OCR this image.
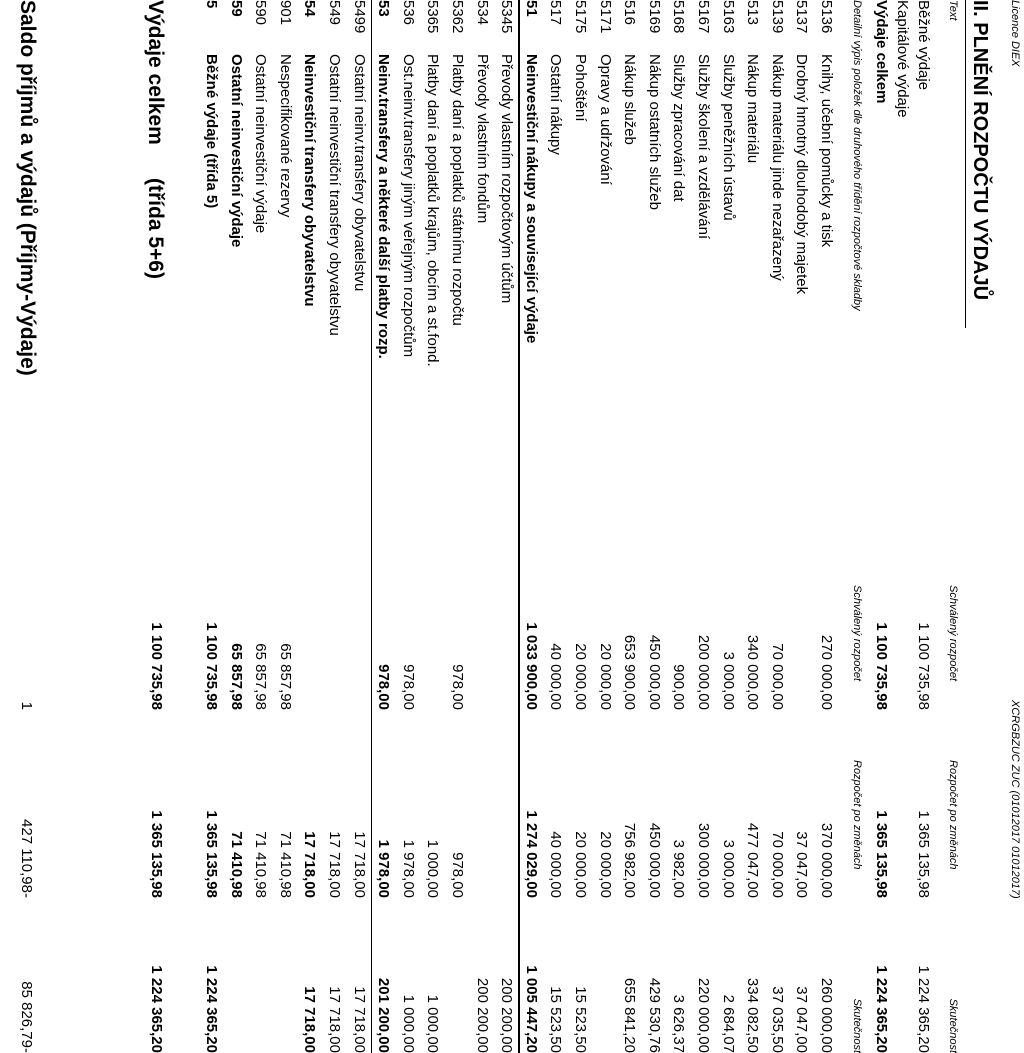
Licence DIEX
XCRGBZUC ZUC (01012017 01012017)
II. PLNĚNÍ ROZPOČTU VÝDAJŮ
Text
Schválený rozpočet
Rozpočet po změnách
Skutečnost
Běžné výdaje
1 100 735,98
1 365 135,98
1 224 365,20
Kapitálové výdaje
Výdaje celkem
1 100 735,98
1 365 135,98
1 224 365,20
Detailní výpis položek dle druhového třídění rozpočtové skladby
Schválený rozpočet
Rozpočet po změnách
Skutečnost
5136
Knihy, učební pomůcky a tisk
270 000,00
370 000,00
260 000,00
5137
Drobný hmotný dlouhodobý majetek
37 047,00
37 047,00
5139
Nákup materiálu jinde nezařazený
70 000,00
70 000,00
37 035,50
513
Nákup materiálu
340 000,00
477 047,00
334 082,50
5163
Služby peněžních ústavů
3 000,00
3 000,00
2 684,07
5167
Služby školení a vzdělávání
200 000,00
300 000,00
220 000,00
5168
Služby zpracování dat
900,00
3 982,00
3 626,37
5169
Nákup ostatních služeb
450 000,00
450 000,00
429 530,76
516
Nákup služeb
653 900,00
756 982,00
655 841,20
5171
Opravy a udržování
20 000,00
20 000,00
5175
Pohoštění
20 000,00
20 000,00
15 523,50
517
Ostatní nákupy
40 000,00
40 000,00
15 523,50
51
Neinvestiční nákupy a související výdaje
1 033 900,00
1 274 029,00
1 005 447,20
5345
Převody vlastním rozpočtovým účtům
200 200,00
534
Převody vlastním fondům
200 200,00
5362
Platby daní a poplatků státnímu rozpočtu
978,00
978,00
5365
Platby daní a poplatků krajům, obcím a st.fond.
1 000,00
1 000,00
536
Ost.neinv.transfery jiným veřejným rozpočtům
978,00
1 978,00
1 000,00
53
Neinv.transfery a některé další platby rozp.
978,00
1 978,00
201 200,00
5499
Ostatní neinv.transfery obyvatelstvu
17 718,00
17 718,00
549
Ostatní neinvestiční transfery obyvatelstvu
17 718,00
17 718,00
54
Neinvestiční transfery obyvatelstvu
17 718,00
17 718,00
901
Nespecifikované rezervy
65 857,98
71 410,98
590
Ostatní neinvestiční výdaje
65 857,98
71 410,98
59
Ostatní neinvestiční výdaje
65 857,98
71 410,98
5
Běžné výdaje (třída 5)
1 100 735,98
1 365 135,98
1 224 365,20
Výdaje celkem
(třída 5+6)
1 100 735,98
1 365 135,98
1 224 365,20
Saldo příjmů a výdajů (Příjmy-Výdaje)
1
427 110,98-
85 826,79-
